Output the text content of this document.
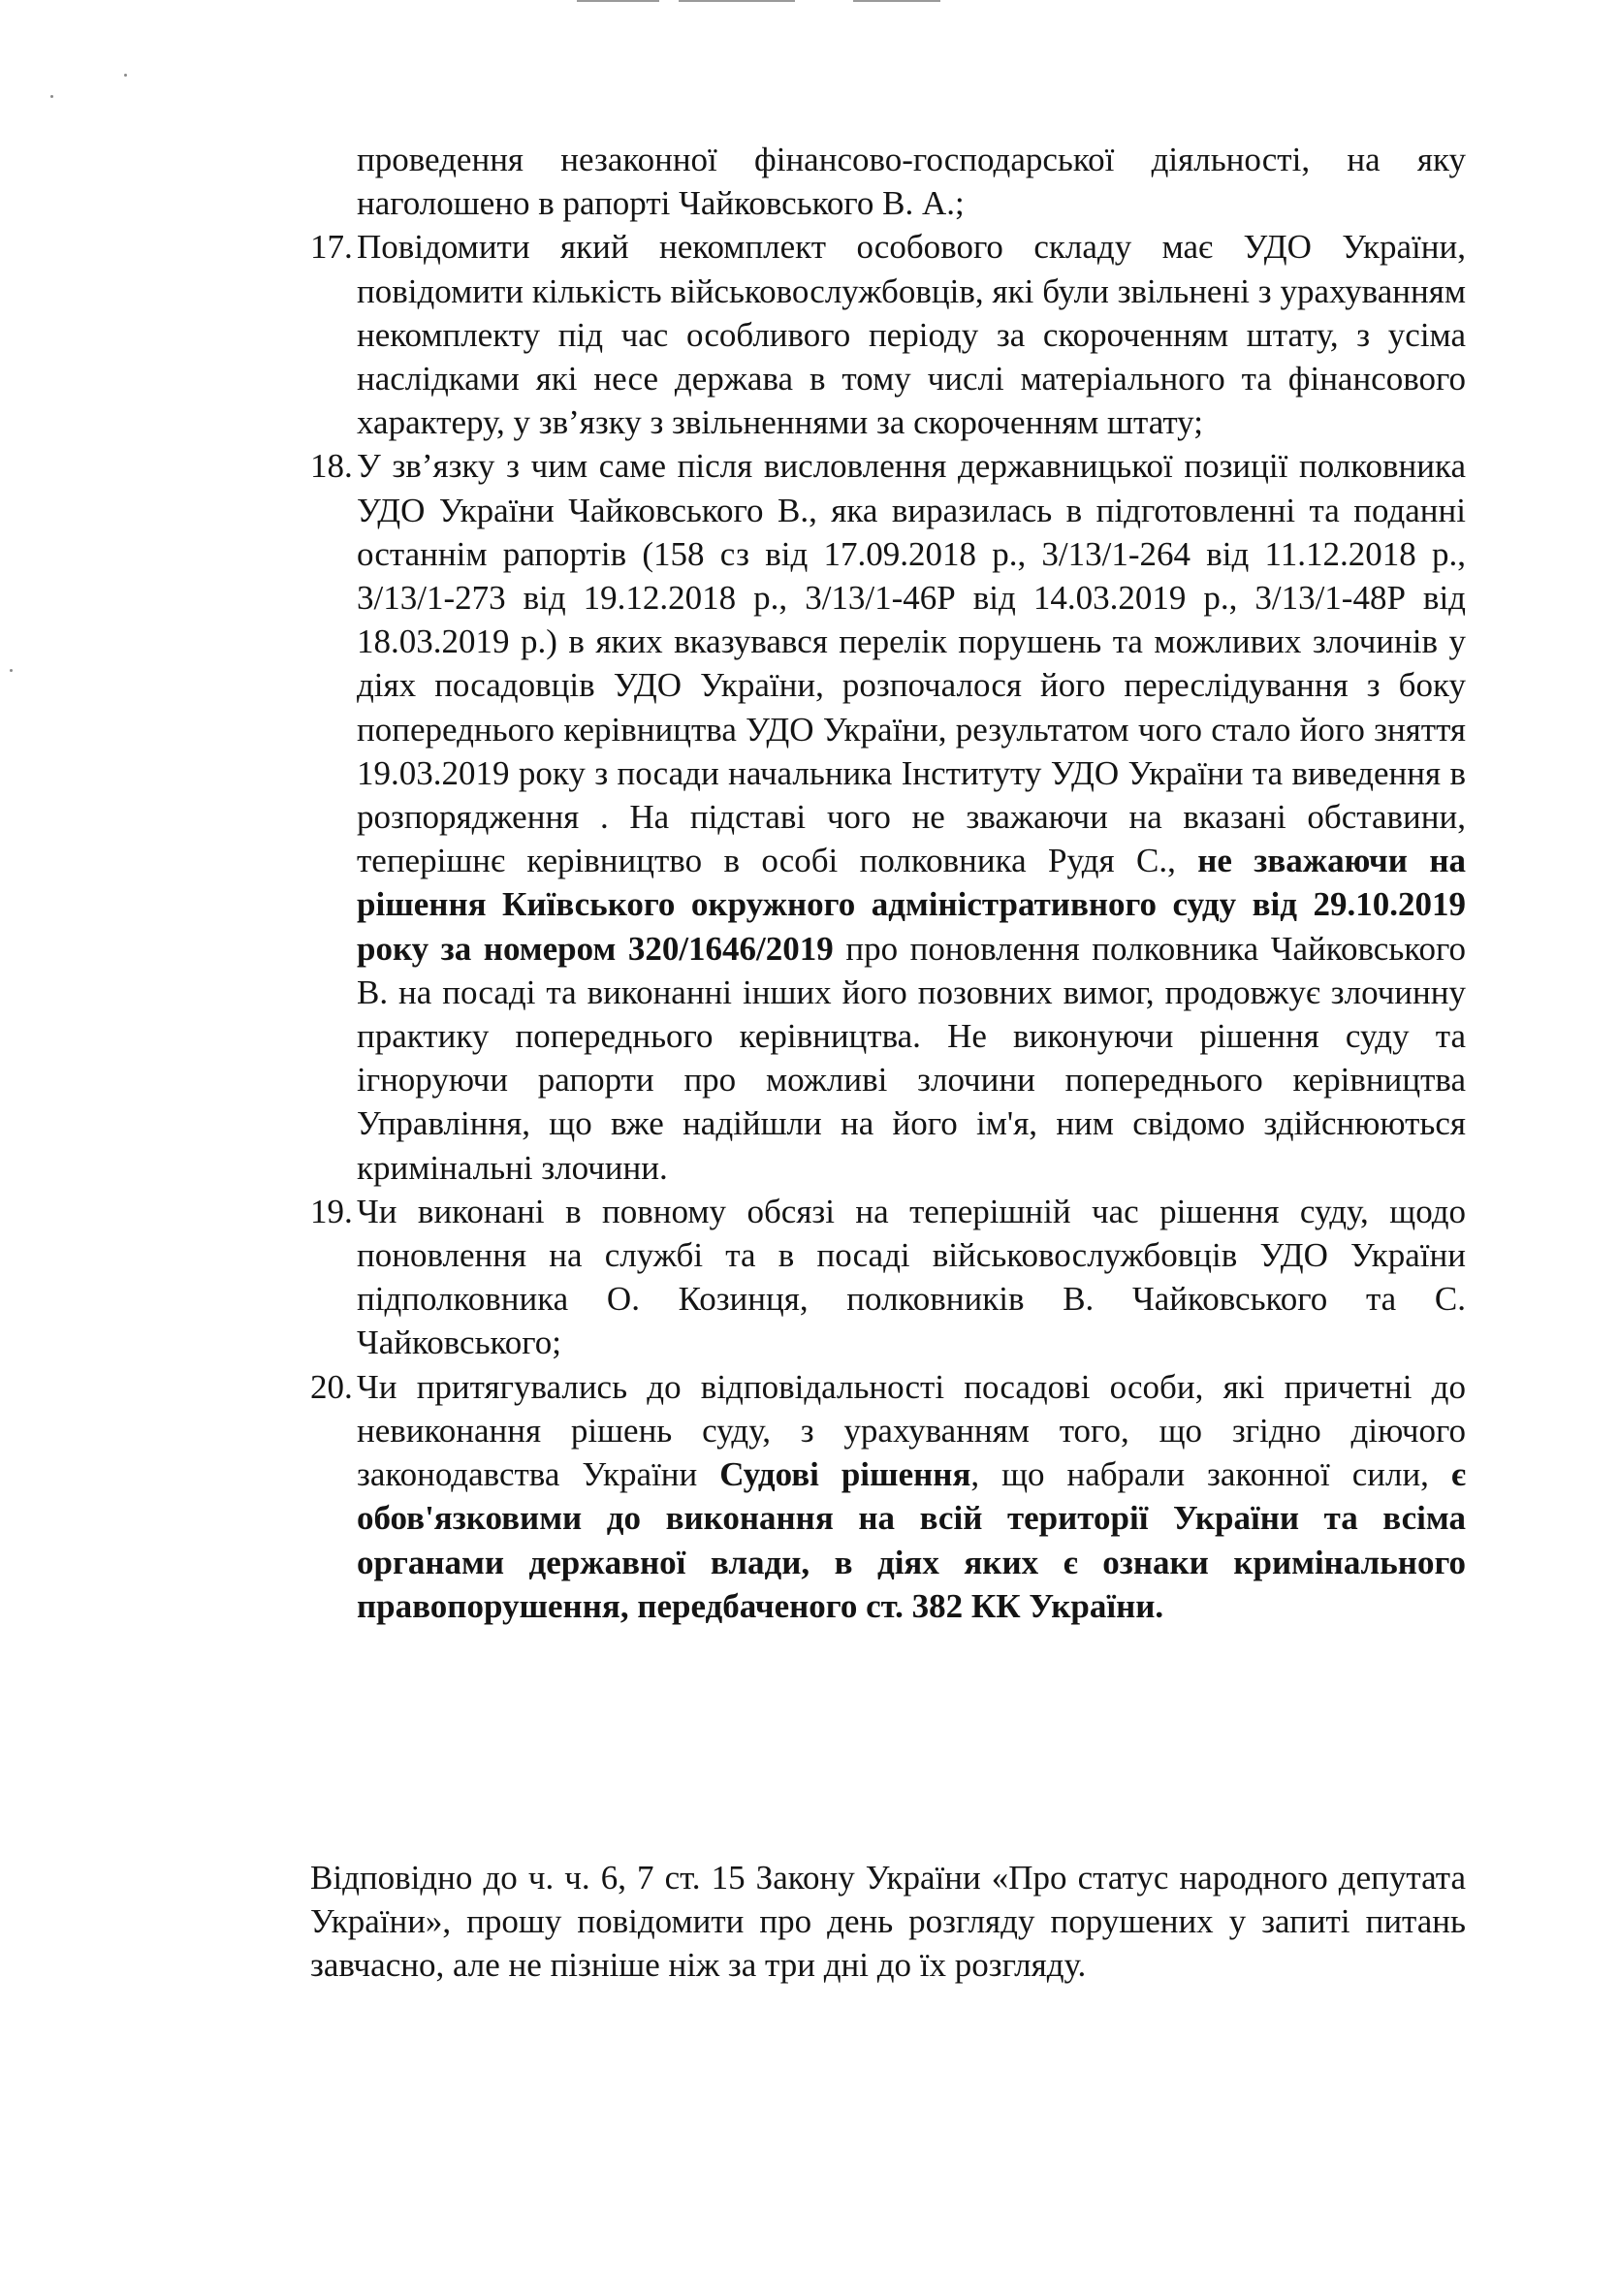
проведення незаконної фінансово-господарської діяльності, на яку наголошено в рапорті Чайковського В. А.;
17. Повідомити який некомплект особового складу має УДО України, повідомити кількість військовослужбовців, які були звільнені з урахуванням некомплекту під час особливого періоду за скороченням штату, з усіма наслідками які несе держава в тому числі матеріального та фінансового характеру, у зв’язку з звільненнями за скороченням штату;
18. У зв’язку з чим саме після висловлення державницької позиції полковника УДО України Чайковського В., яка виразилась в підготовленні та поданні останнім рапортів (158 сз від 17.09.2018 р., 3/13/1-264 від 11.12.2018 р., 3/13/1-273 від 19.12.2018 р., 3/13/1-46Р від 14.03.2019 р., 3/13/1-48Р від 18.03.2019 р.) в яких вказувався перелік порушень та можливих злочинів у діях посадовців УДО України, розпочалося його переслідування з боку попереднього керівництва УДО України, результатом чого стало його зняття 19.03.2019 року з посади начальника Інституту УДО України та виведення в розпорядження . На підставі чого не зважаючи на вказані обставини, теперішнє керівництво в особі полковника Рудя С., не зважаючи на рішення Київського окружного адміністративного суду від 29.10.2019 року за номером 320/1646/2019 про поновлення полковника Чайковського В. на посаді та виконанні інших його позовних вимог, продовжує злочинну практику попереднього керівництва. Не виконуючи рішення суду та ігноруючи рапорти про можливі злочини попереднього керівництва Управління, що вже надійшли на його ім'я, ним свідомо здійснюються кримінальні злочини.
19. Чи виконані в повному обсязі на теперішній час рішення суду, щодо поновлення на службі та в посаді військовослужбовців УДО України підполковника О. Козинця, полковників В. Чайковського та С. Чайковського;
20. Чи притягувались до відповідальності посадові особи, які причетні до невиконання рішень суду, з урахуванням того, що згідно діючого законодавства України Судові рішення, що набрали законної сили, є обов'язковими до виконання на всій території України та всіма органами державної влади, в діях яких є ознаки кримінального правопорушення, передбаченого ст. 382 КК України.
Відповідно до ч. ч. 6, 7 ст. 15 Закону України «Про статус народного депутата України», прошу повідомити про день розгляду порушених у запиті питань завчасно, але не пізніше ніж за три дні до їх розгляду.
